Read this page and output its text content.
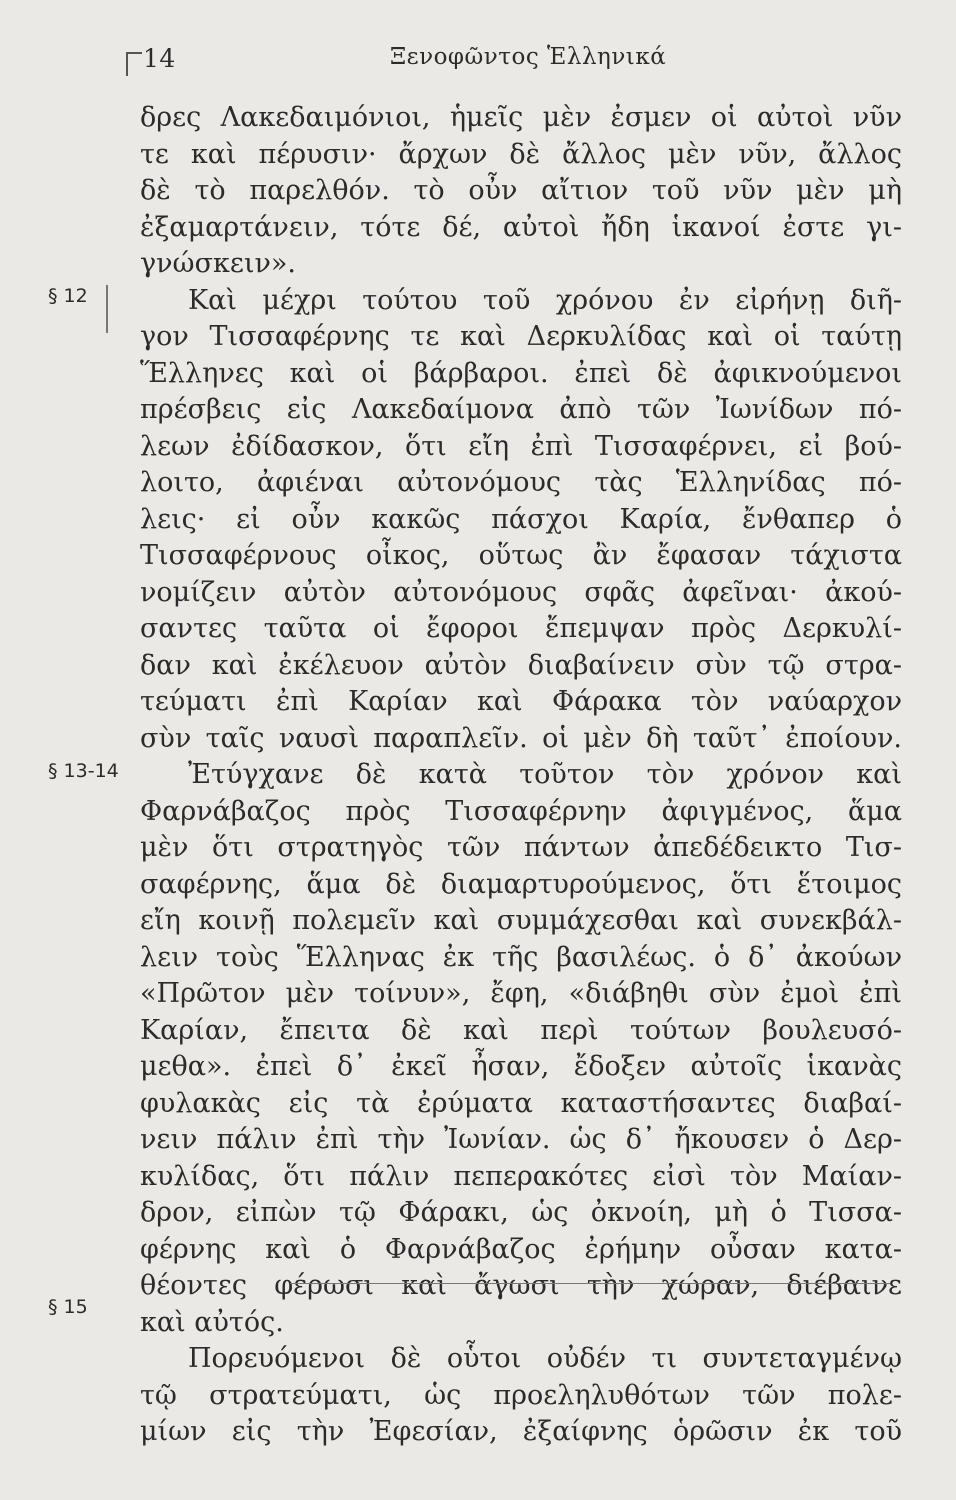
14	Ξενοφῶντος Ἑλληνικά
§ 12
§ 13-14
§ 15
δρες Λακεδαιμόνιοι, ἡμεῖς μὲν ἐσμεν οἱ αὐτοὶ νῦν
τε καὶ πέρυσιν· ἄρχων δὲ ἄλλος μὲν νῦν, ἄλλος
δὲ τὸ παρελθόν. τὸ οὖν αἴτιον τοῦ νῦν μὲν μὴ
ἐξαμαρτάνειν, τότε δέ, αὐτοὶ ἤδη ἱκανοί ἐστε γι-
γνώσκειν».
Καὶ μέχρι τούτου τοῦ χρόνου ἐν εἰρήνῃ διῆ-
γον Τισσαφέρνης τε καὶ Δερκυλίδας καὶ οἱ ταύτῃ
Ἕλληνες καὶ οἱ βάρβαροι. ἐπεὶ δὲ ἀφικνούμενοι
πρέσβεις εἰς Λακεδαίμονα ἀπὸ τῶν Ἰωνίδων πό-
λεων ἐδίδασκον, ὅτι εἴη ἐπὶ Τισσαφέρνει, εἰ βού-
λοιτο, ἀφιέναι αὐτονόμους τὰς Ἑλληνίδας πό-
λεις· εἰ οὖν κακῶς πάσχοι Καρία, ἔνθαπερ ὁ
Τισσαφέρνους οἶκος, οὕτως ἂν ἔφασαν τάχιστα
νομίζειν αὐτὸν αὐτονόμους σφᾶς ἀφεῖναι· ἀκού-
σαντες ταῦτα οἱ ἔφοροι ἔπεμψαν πρὸς Δερκυλί-
δαν καὶ ἐκέλευον αὐτὸν διαβαίνειν σὺν τῷ στρα-
τεύματι ἐπὶ Καρίαν καὶ Φάρακα τὸν ναύαρχον
σὺν ταῖς ναυσὶ παραπλεῖν. οἱ μὲν δὴ ταῦτ᾽ ἐποίουν.
Ἐτύγχανε δὲ κατὰ τοῦτον τὸν χρόνον καὶ
Φαρνάβαζος πρὸς Τισσαφέρνην ἀφιγμένος, ἅμα
μὲν ὅτι στρατηγὸς τῶν πάντων ἀπεδέδεικτο Τισ-
σαφέρνης, ἅμα δὲ διαμαρτυρούμενος, ὅτι ἕτοιμος
εἴη κοινῇ πολεμεῖν καὶ συμμάχεσθαι καὶ συνεκβάλ-
λειν τοὺς Ἕλληνας ἐκ τῆς βασιλέως. ὁ δ᾽ ἀκούων
«Πρῶτον μὲν τοίνυν», ἔφη, «διάβηθι σὺν ἐμοὶ ἐπὶ
Καρίαν, ἔπειτα δὲ καὶ περὶ τούτων βουλευσό-
μεθα». ἐπεὶ δ᾽ ἐκεῖ ἦσαν, ἔδοξεν αὐτοῖς ἱκανὰς
φυλακὰς εἰς τὰ ἐρύματα καταστήσαντες διαβαί-
νειν πάλιν ἐπὶ τὴν Ἰωνίαν. ὡς δ᾽ ἤκουσεν ὁ Δερ-
κυλίδας, ὅτι πάλιν πεπερακότες εἰσὶ τὸν Μαίαν-
δρον, εἰπὼν τῷ Φάρακι, ὡς ὀκνοίη, μὴ ὁ Τισσα-
φέρνης καὶ ὁ Φαρνάβαζος ἐρήμην οὖσαν κατα-
θέοντες φέρωσι καὶ ἄγωσι τὴν χώραν, διέβαινε
καὶ αὐτός.
Πορευόμενοι δὲ οὗτοι οὐδέν τι συντεταγμένῳ
τῷ στρατεύματι, ὡς προεληλυθότων τῶν πολε-
μίων εἰς τὴν Ἐφεσίαν, ἐξαίφνης ὁρῶσιν ἐκ τοῦ
